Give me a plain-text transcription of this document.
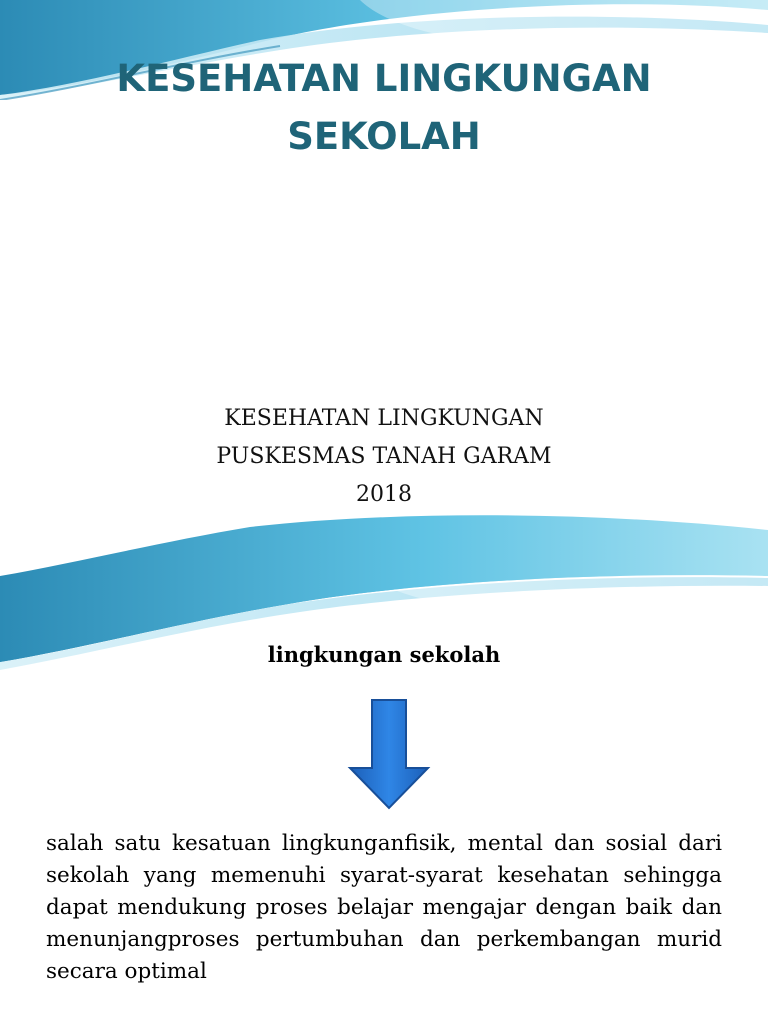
KESEHATAN LINGKUNGAN
SEKOLAH
KESEHATAN LINGKUNGAN
PUSKESMAS TANAH GARAM
2018
lingkungan sekolah
salah satu kesatuan lingkunganfisik, mental dan sosial dari sekolah yang memenuhi syarat-syarat kesehatan sehingga dapat mendukung proses belajar mengajar dengan baik dan menunjangproses pertumbuhan dan perkembangan murid secara optimal
